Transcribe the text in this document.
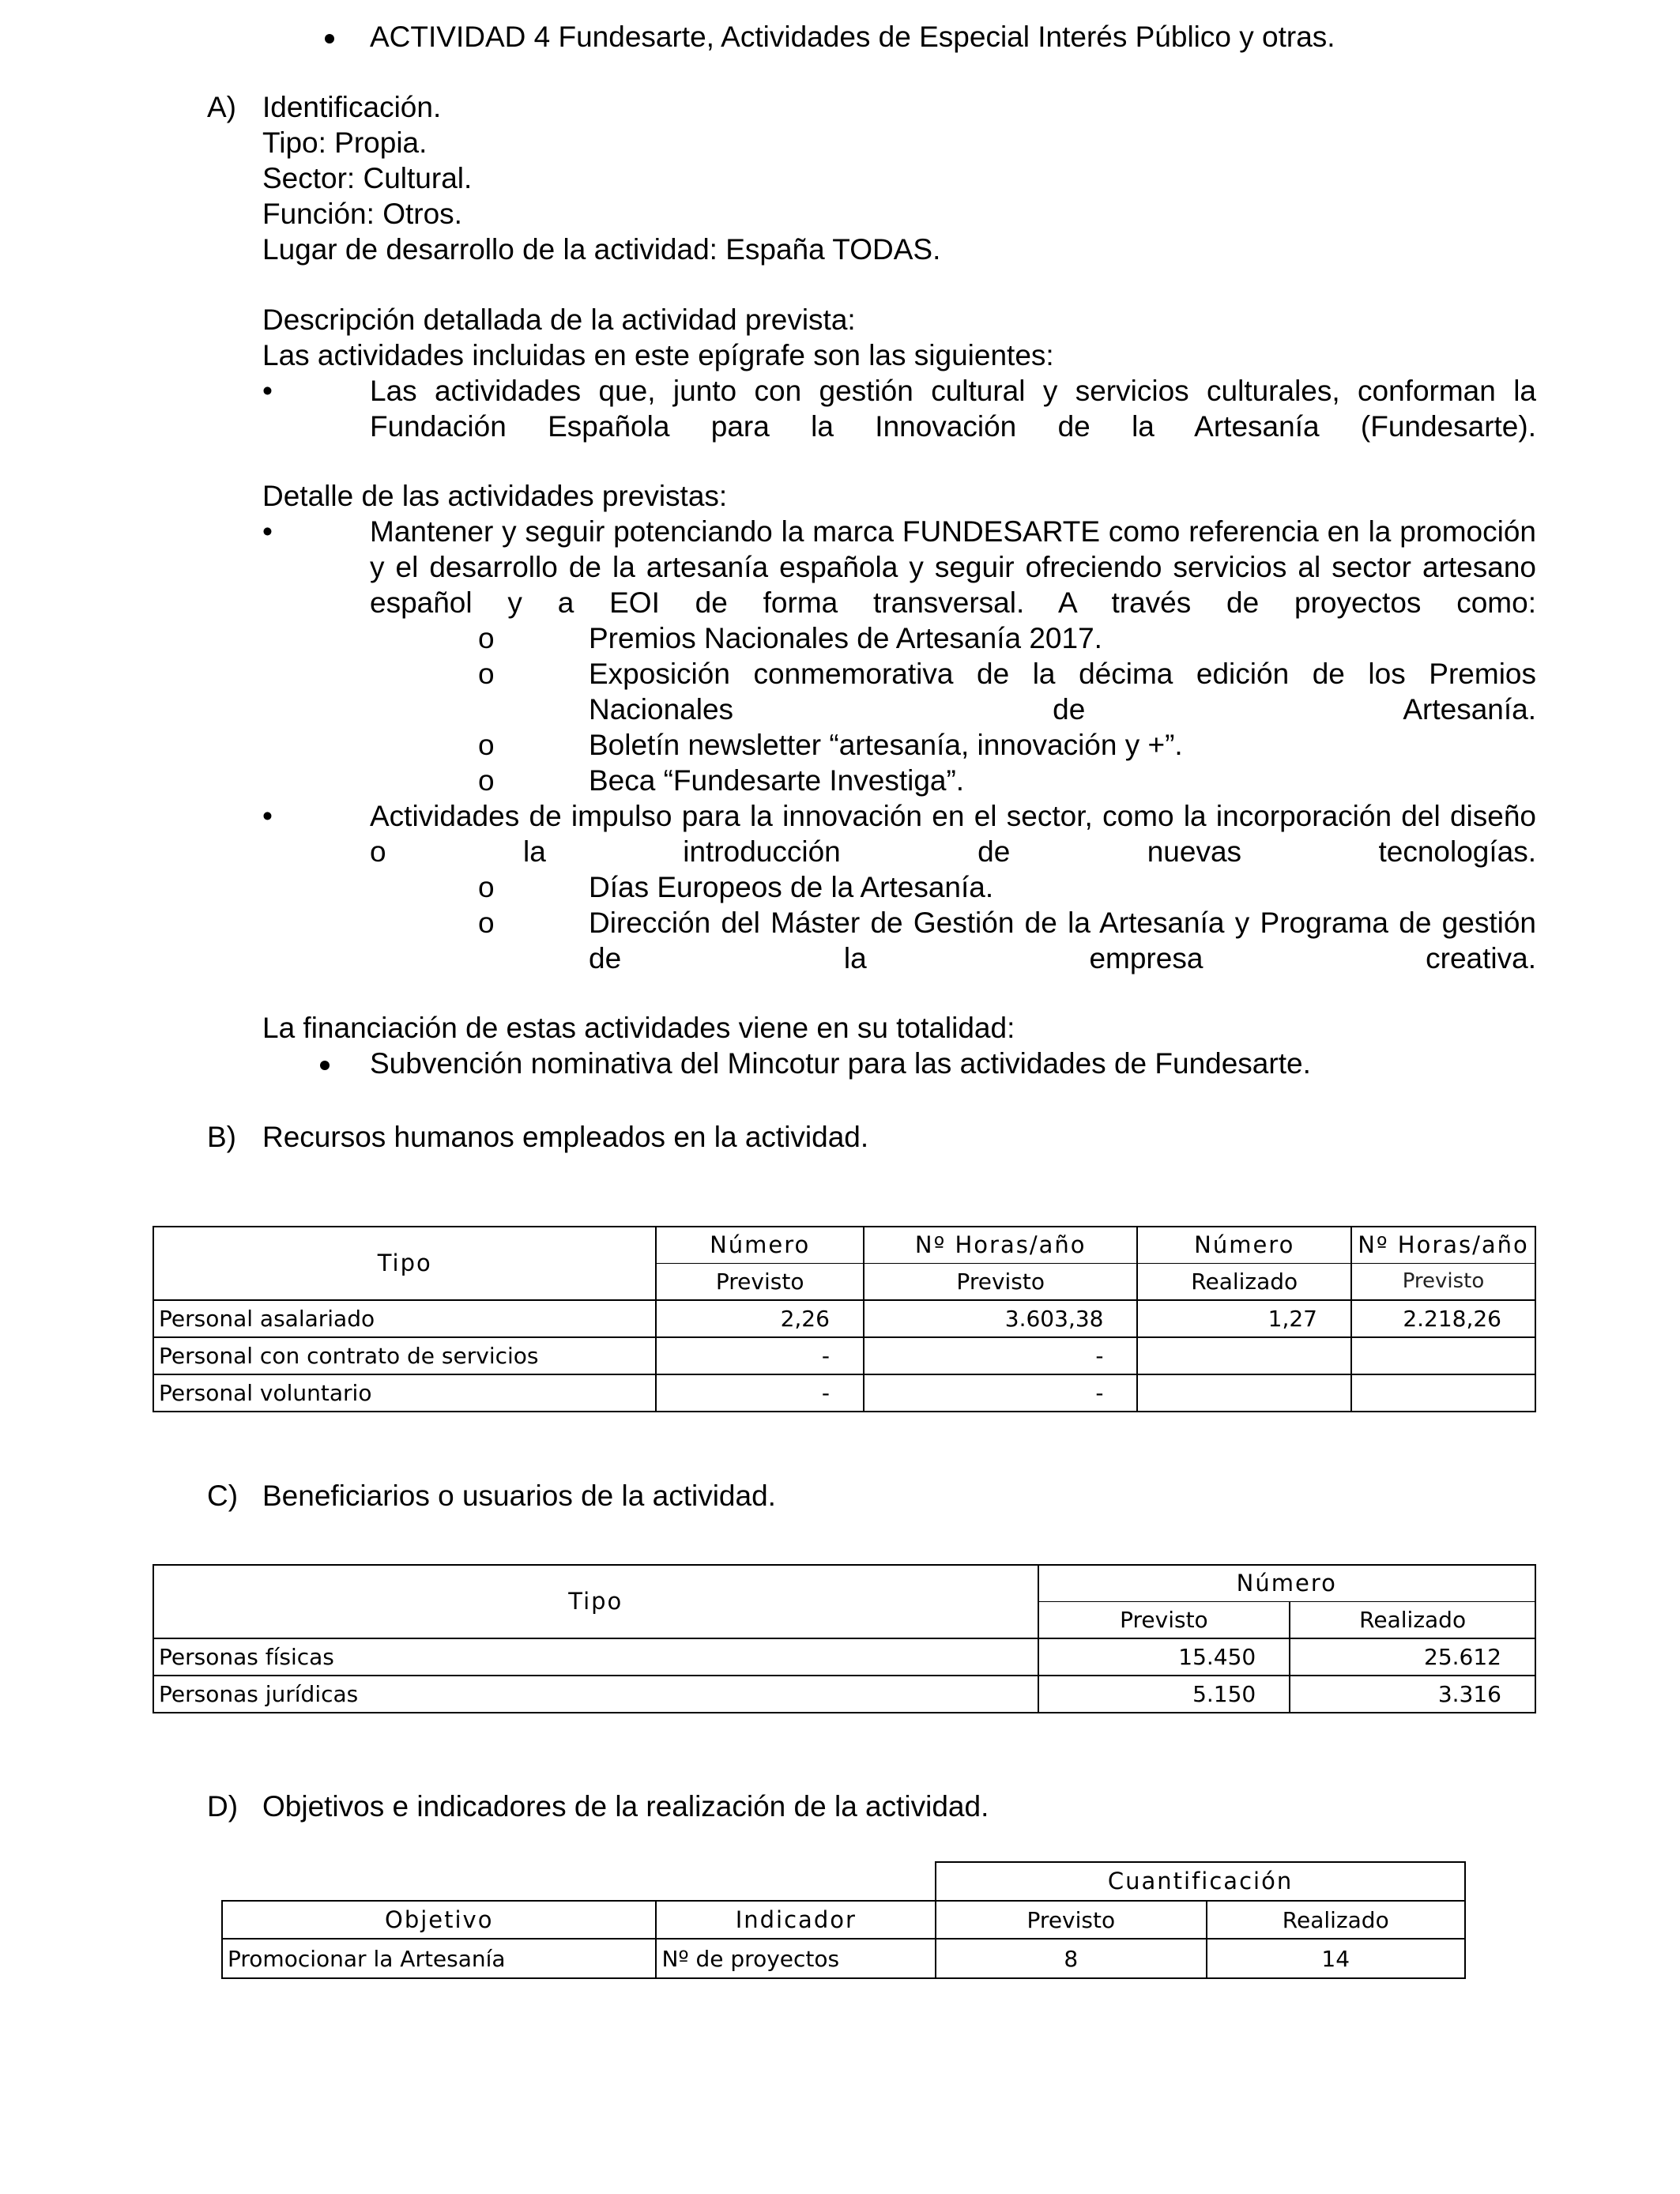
ACTIVIDAD 4 Fundesarte, Actividades de Especial Interés Público y otras.
A) Identificación.
Tipo: Propia.
Sector: Cultural.
Función: Otros.
Lugar de desarrollo de la actividad: España TODAS.
Descripción detallada de la actividad prevista:
Las actividades incluidas en este epígrafe son las siguientes:
•	Las actividades que, junto con gestión cultural y servicios culturales, conforman la Fundación Española para la Innovación de la Artesanía (Fundesarte).
Detalle de las actividades previstas:
•	Mantener y seguir potenciando la marca FUNDESARTE como referencia en la promoción y el desarrollo de la artesanía española y seguir ofreciendo servicios al sector artesano español y a EOI de forma transversal. A través de proyectos como:
o	Premios Nacionales de Artesanía 2017.
o	Exposición conmemorativa de la décima edición de los Premios Nacionales de Artesanía.
o	Boletín newsletter “artesanía, innovación y +”.
o	Beca “Fundesarte Investiga”.
•	Actividades de impulso para la innovación en el sector, como la incorporación del diseño o la introducción de nuevas tecnologías.
o	Días Europeos de la Artesanía.
o	Dirección del Máster de Gestión de la Artesanía y Programa de gestión de la empresa creativa.
La financiación de estas actividades viene en su totalidad:
Subvención nominativa del Mincotur para las actividades de Fundesarte.
B) Recursos humanos empleados en la actividad.
Tipo	Número	Nº Horas/año	Número	Nº Horas/año
	Previsto	Previsto	Realizado	Previsto
Personal asalariado	2,26	3.603,38	1,27	2.218,26
Personal con contrato de servicios	-	-		
Personal voluntario	-	-		
C) Beneficiarios o usuarios de la actividad.
Tipo	Número	
	Previsto	Realizado
Personas físicas	15.450	25.612
Personas jurídicas	5.150	3.316
D) Objetivos e indicadores de la realización de la actividad.
		Cuantificación	
Objetivo	Indicador	Previsto	Realizado
Promocionar la Artesanía	Nº de proyectos	8	14
